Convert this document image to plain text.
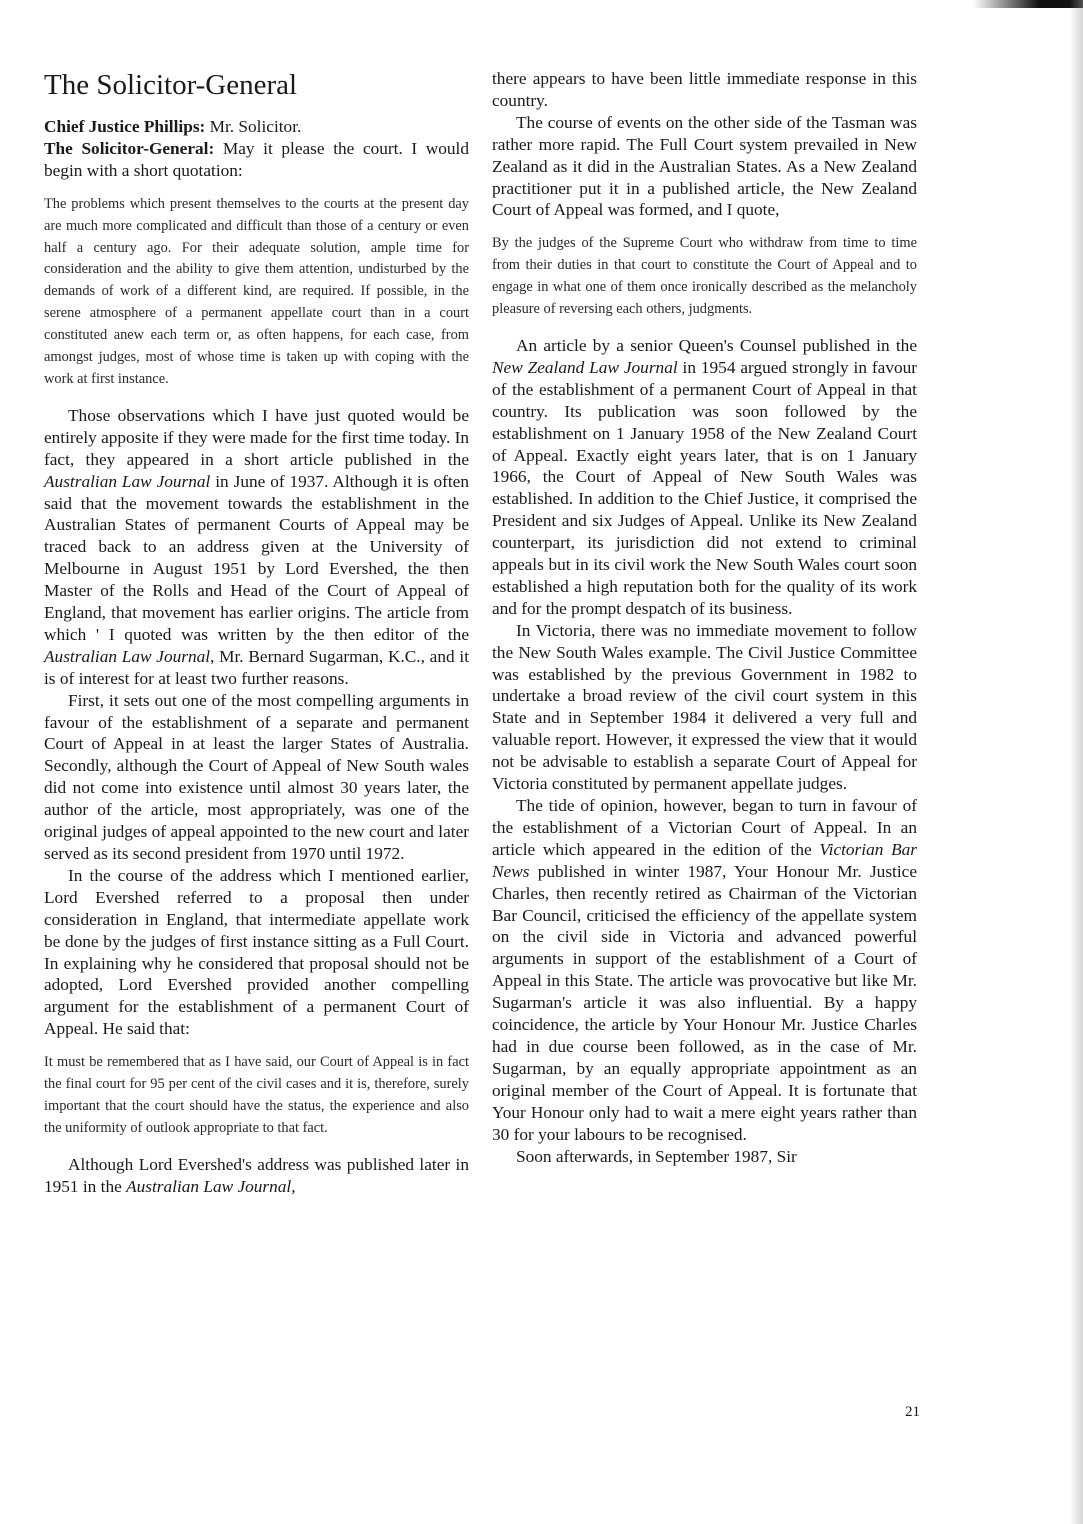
The Solicitor-General

Chief Justice Phillips: Mr. Solicitor.

The Solicitor-General: May it please the court. I would begin with a short quotation:

The problems which present themselves to the courts at the present day are much more complicated and difficult than those of a century or even half a century ago. For their adequate solution, ample time for consideration and the ability to give them attention, undisturbed by the demands of work of a different kind, are required. If possible, in the serene atmosphere of a permanent appellate court than in a court constituted anew each term or, as often happens, for each case, from amongst judges, most of whose time is taken up with coping with the work at first instance.

Those observations which I have just quoted would be entirely apposite if they were made for the first time today. In fact, they appeared in a short article published in the Australian Law Journal in June of 1937. Although it is often said that the movement towards the establishment in the Australian States of permanent Courts of Appeal may be traced back to an address given at the University of Melbourne in August 1951 by Lord Evershed, the then Master of the Rolls and Head of the Court of Appeal of England, that movement has earlier origins. The article from which ' I quoted was written by the then editor of the Australian Law Journal, Mr. Bernard Sugarman, K.C., and it is of interest for at least two further reasons.

First, it sets out one of the most compelling arguments in favour of the establishment of a separate and permanent Court of Appeal in at least the larger States of Australia. Secondly, although the Court of Appeal of New South wales did not come into existence until almost 30 years later, the author of the article, most appropriately, was one of the original judges of appeal appointed to the new court and later served as its second president from 1970 until 1972.

In the course of the address which I mentioned earlier, Lord Evershed referred to a proposal then under consideration in England, that intermediate appellate work be done by the judges of first instance sitting as a Full Court. In explaining why he considered that proposal should not be adopted, Lord Evershed provided another compelling argument for the establishment of a permanent Court of Appeal. He said that:

It must be remembered that as I have said, our Court of Appeal is in fact the final court for 95 per cent of the civil cases and it is, therefore, surely important that the court should have the status, the experience and also the uniformity of outlook appropriate to that fact.

Although Lord Evershed's address was published later in 1951 in the Australian Law Journal,

there appears to have been little immediate response in this country.

The course of events on the other side of the Tasman was rather more rapid. The Full Court system prevailed in New Zealand as it did in the Australian States. As a New Zealand practitioner put it in a published article, the New Zealand Court of Appeal was formed, and I quote,

By the judges of the Supreme Court who withdraw from time to time from their duties in that court to constitute the Court of Appeal and to engage in what one of them once ironically described as the melancholy pleasure of reversing each others, judgments.

An article by a senior Queen's Counsel published in the New Zealand Law Journal in 1954 argued strongly in favour of the establishment of a permanent Court of Appeal in that country. Its publication was soon followed by the establishment on 1 January 1958 of the New Zealand Court of Appeal. Exactly eight years later, that is on 1 January 1966, the Court of Appeal of New South Wales was established. In addition to the Chief Justice, it comprised the President and six Judges of Appeal. Unlike its New Zealand counterpart, its jurisdiction did not extend to criminal appeals but in its civil work the New South Wales court soon established a high reputation both for the quality of its work and for the prompt despatch of its business.

In Victoria, there was no immediate movement to follow the New South Wales example. The Civil Justice Committee was established by the previous Government in 1982 to undertake a broad review of the civil court system in this State and in September 1984 it delivered a very full and valuable report. However, it expressed the view that it would not be advisable to establish a separate Court of Appeal for Victoria constituted by permanent appellate judges.

The tide of opinion, however, began to turn in favour of the establishment of a Victorian Court of Appeal. In an article which appeared in the edition of the Victorian Bar News published in winter 1987, Your Honour Mr. Justice Charles, then recently retired as Chairman of the Victorian Bar Council, criticised the efficiency of the appellate system on the civil side in Victoria and advanced powerful arguments in support of the establishment of a Court of Appeal in this State. The article was provocative but like Mr. Sugarman's article it was also influential. By a happy coincidence, the article by Your Honour Mr. Justice Charles had in due course been followed, as in the case of Mr. Sugarman, by an equally appropriate appointment as an original member of the Court of Appeal. It is fortunate that Your Honour only had to wait a mere eight years rather than 30 for your labours to be recognised.

Soon afterwards, in September 1987, Sir

21
